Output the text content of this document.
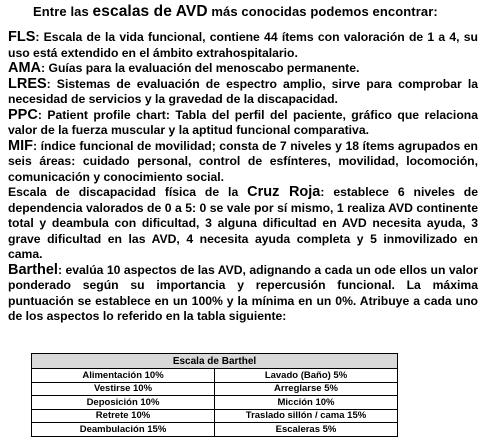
Entre las escalas de AVD más conocidas podemos encontrar:

FLS: Escala de la vida funcional, contiene 44 ítems con valoración de 1 a 4, su uso está extendido en el ámbito extrahospitalario.

AMA: Guías para la evaluación del menoscabo permanente.

LRES: Sistemas de evaluación de espectro amplio, sirve para comprobar la necesidad de servicios y la gravedad de la discapacidad.

PPC: Patient profile chart: Tabla del perfil del paciente, gráfico que relaciona valor de la fuerza muscular y la aptitud funcional comparativa.

MIF: índice funcional de movilidad; consta de 7 niveles y 18 ítems agrupados en seis áreas: cuidado personal, control de esfínteres, movilidad, locomoción, comunicación y conocimiento social.

Escala de discapacidad física de la Cruz Roja: establece 6 niveles de dependencia valorados de 0 a 5: 0 se vale por sí mismo, 1 realiza AVD continente total y deambula con dificultad, 3 alguna dificultad en AVD necesita ayuda, 3 grave dificultad en las AVD, 4 necesita ayuda completa y 5 inmovilizado en cama.

Barthel: evalúa 10 aspectos de las AVD, adignando a cada un ode ellos un valor ponderado según su importancia y repercusión funcional. La máxima puntuación se establece en un 100% y la mínima en un 0%. Atribuye a cada uno de los aspectos lo referido en la tabla siguiente:

Escala de Barthel	
Alimentación 10%	Lavado (Baño) 5%
Vestirse 10%	Arreglarse 5%
Deposición 10%	Micción 10%
Retrete 10%	Traslado sillón / cama 15%
Deambulación 15%	Escaleras 5%
